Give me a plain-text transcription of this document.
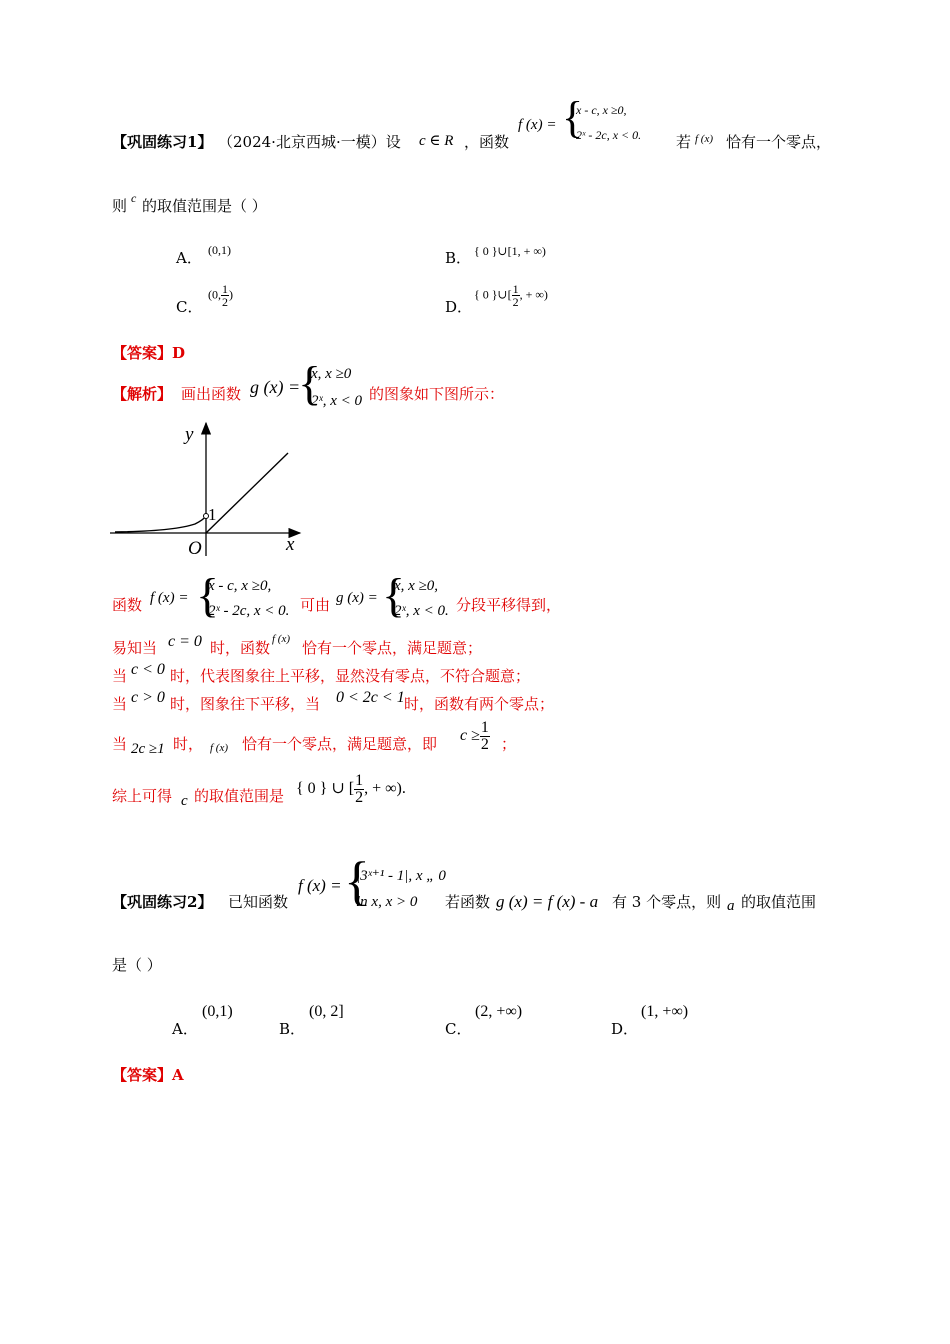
【巩固练习1】 （2024·北京西城·一模）设 c ∈ R ，函数
f (x) = {
x - c, x ≥0,
2ˣ - 2c, x < 0. 若 f (x) 恰有一个零点，
则 c 的取值范围是（ ）
A． (0,1)	B． { 0 }∪[1, + ∞)
C．
(0, $\frac{1}{2}$ )
D．
{ 0 }∪[ $\frac{1}{2}$ , + ∞)
【答案】D
【解析】 画出函数 g (x) =
{
x, x ≥0
2ˣ, x < 0 的图象如下图所示：
y
x
O
1
函数 f (x) = {
x - c, x ≥0,
2ˣ - 2c, x < 0. 可由 g (x) = {
x, x ≥0,
2ˣ, x < 0. 分段平移得到，
易知当 c = 0 时，函数 f (x) 恰有一个零点，满足题意；
当 c < 0 时，代表图象往上平移，显然没有零点，不符合题意；
当 c > 0 时，图象往下平移，当 0 < 2c < 1 时，函数有两个零点；
当 2c ≥1 时， f (x) 恰有一个零点，满足题意，即 $c \ge \frac{1}{2}$ ；
综上可得 c 的取值范围是 { 0 } ∪ [ $\frac{1}{2}$ , + ∞).
【巩固练习2】 已知函数
f (x) = {
|3ˣ⁺¹ - 1|, x „ 0
ln x, x > 0 若函数 g (x) = f (x) - a 有 3 个零点，则 a 的取值范围
是（ ）
A．
(0,1)
B．
(0, 2]
C．
(2, +∞)
D．
(1, +∞)
【答案】A
